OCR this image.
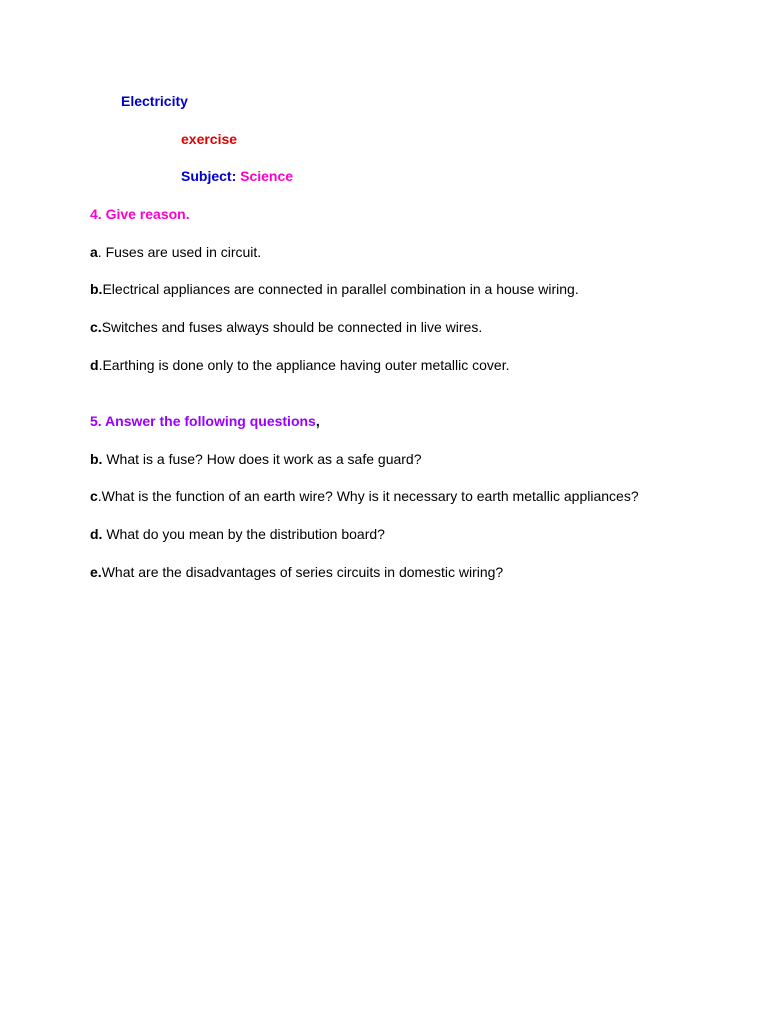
Electricity
exercise
Subject: Science
4. Give reason.
a. Fuses are used in circuit.
b.Electrical appliances are connected in parallel combination in a house wiring.
c.Switches and fuses always should be connected in live wires.
d.Earthing is done only to the appliance having outer metallic cover.
5. Answer the following questions,
b. What is a fuse? How does it work as a safe guard?
c.What is the function of an earth wire? Why is it necessary to earth metallic appliances?
d. What do you mean by the distribution board?
e.What are the disadvantages of series circuits in domestic wiring?
